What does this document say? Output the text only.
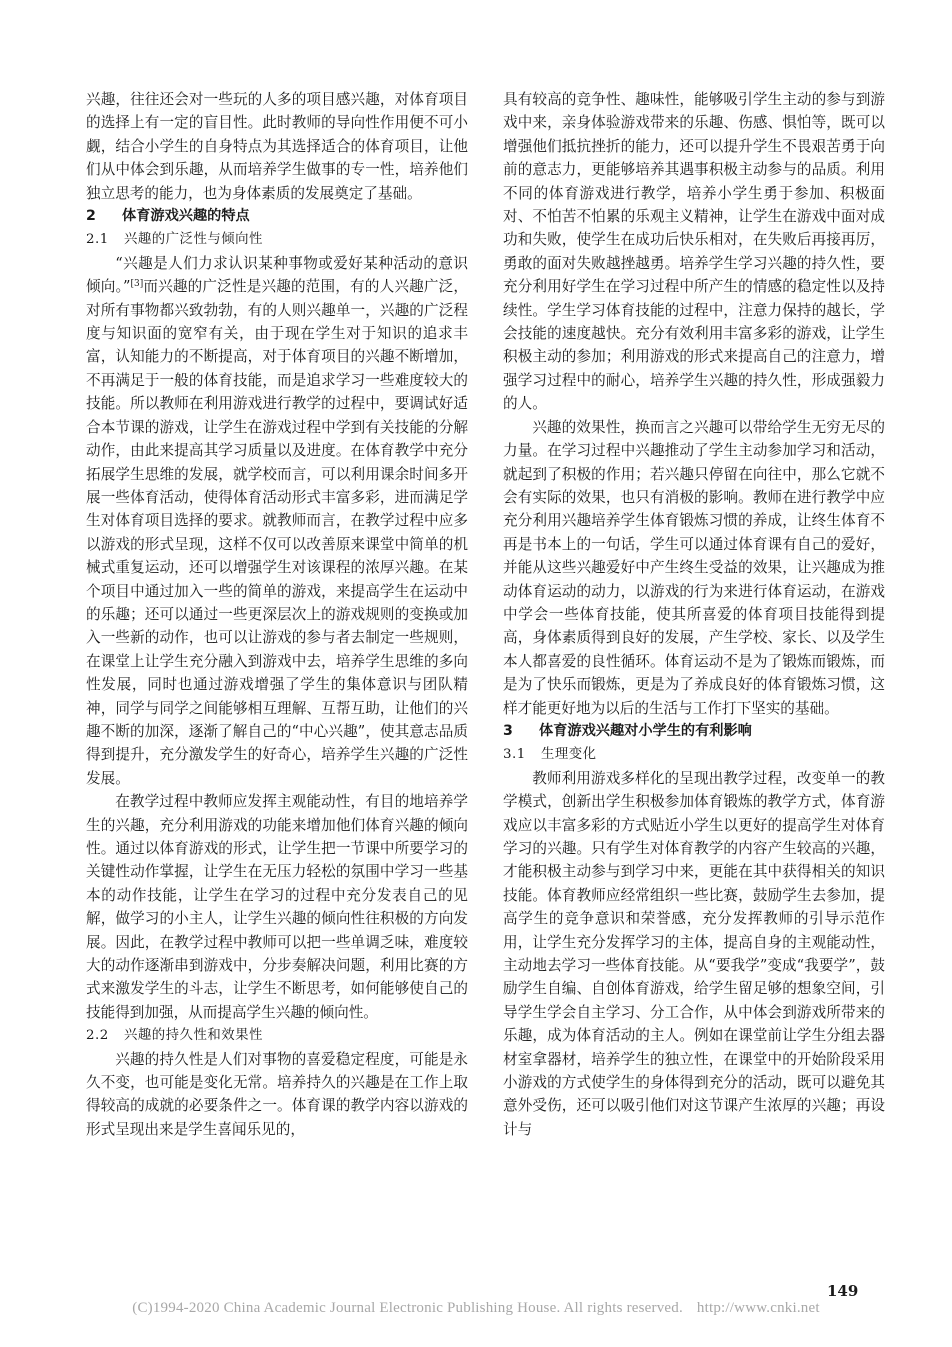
兴趣，往往还会对一些玩的人多的项目感兴趣，对体育项目的选择上有一定的盲目性。此时教师的导向性作用便不可小觑，结合小学生的自身特点为其选择适合的体育项目，让他们从中体会到乐趣，从而培养学生做事的专一性，培养他们独立思考的能力，也为身体素质的发展奠定了基础。

2 体育游戏兴趣的特点
2.1 兴趣的广泛性与倾向性

“兴趣是人们力求认识某种事物或爱好某种活动的意识倾向。”[3]而兴趣的广泛性是兴趣的范围，有的人兴趣广泛，对所有事物都兴致勃勃，有的人则兴趣单一，兴趣的广泛程度与知识面的宽窄有关，由于现在学生对于知识的追求丰富，认知能力的不断提高，对于体育项目的兴趣不断增加，不再满足于一般的体育技能，而是追求学习一些难度较大的技能。所以教师在利用游戏进行教学的过程中，要调试好适合本节课的游戏，让学生在游戏过程中学到有关技能的分解动作，由此来提高其学习质量以及进度。在体育教学中充分拓展学生思维的发展，就学校而言，可以利用课余时间多开展一些体育活动，使得体育活动形式丰富多彩，进而满足学生对体育项目选择的要求。就教师而言，在教学过程中应多以游戏的形式呈现，这样不仅可以改善原来课堂中简单的机械式重复运动，还可以增强学生对该课程的浓厚兴趣。在某个项目中通过加入一些的简单的游戏，来提高学生在运动中的乐趣；还可以通过一些更深层次上的游戏规则的变换或加入一些新的动作，也可以让游戏的参与者去制定一些规则，在课堂上让学生充分融入到游戏中去，培养学生思维的多向性发展，同时也通过游戏增强了学生的集体意识与团队精神，同学与同学之间能够相互理解、互帮互助，让他们的兴趣不断的加深，逐渐了解自己的“中心兴趣”，使其意志品质得到提升，充分激发学生的好奇心，培养学生兴趣的广泛性发展。

在教学过程中教师应发挥主观能动性，有目的地培养学生的兴趣，充分利用游戏的功能来增加他们体育兴趣的倾向性。通过以体育游戏的形式，让学生把一节课中所要学习的关键性动作掌握，让学生在无压力轻松的氛围中学习一些基本的动作技能，让学生在学习的过程中充分发表自己的见解，做学习的小主人，让学生兴趣的倾向性往积极的方向发展。因此，在教学过程中教师可以把一些单调乏味，难度较大的动作逐渐串到游戏中，分步奏解决问题，利用比赛的方式来激发学生的斗志，让学生不断思考，如何能够使自己的技能得到加强，从而提高学生兴趣的倾向性。

2.2 兴趣的持久性和效果性

兴趣的持久性是人们对事物的喜爱稳定程度，可能是永久不变，也可能是变化无常。培养持久的兴趣是在工作上取得较高的成就的必要条件之一。体育课的教学内容以游戏的形式呈现出来是学生喜闻乐见的，

具有较高的竞争性、趣味性，能够吸引学生主动的参与到游戏中来，亲身体验游戏带来的乐趣、伤感、惧怕等，既可以增强他们抵抗挫折的能力，还可以提升学生不畏艰苦勇于向前的意志力，更能够培养其遇事积极主动参与的品质。利用不同的体育游戏进行教学，培养小学生勇于参加、积极面对、不怕苦不怕累的乐观主义精神，让学生在游戏中面对成功和失败，使学生在成功后快乐相对，在失败后再接再厉，勇敢的面对失败越挫越勇。培养学生学习兴趣的持久性，要充分利用好学生在学习过程中所产生的情感的稳定性以及持续性。学生学习体育技能的过程中，注意力保持的越长，学会技能的速度越快。充分有效利用丰富多彩的游戏，让学生积极主动的参加；利用游戏的形式来提高自己的注意力，增强学习过程中的耐心，培养学生兴趣的持久性，形成强毅力的人。

兴趣的效果性，换而言之兴趣可以带给学生无穷无尽的力量。在学习过程中兴趣推动了学生主动参加学习和活动，就起到了积极的作用；若兴趣只停留在向往中，那么它就不会有实际的效果，也只有消极的影响。教师在进行教学中应充分利用兴趣培养学生体育锻炼习惯的养成，让终生体育不再是书本上的一句话，学生可以通过体育课有自己的爱好，并能从这些兴趣爱好中产生终生受益的效果，让兴趣成为推动体育运动的动力，以游戏的行为来进行体育运动，在游戏中学会一些体育技能，使其所喜爱的体育项目技能得到提高，身体素质得到良好的发展，产生学校、家长、以及学生本人都喜爱的良性循环。体育运动不是为了锻炼而锻炼，而是为了快乐而锻炼，更是为了养成良好的体育锻炼习惯，这样才能更好地为以后的生活与工作打下坚实的基础。

3 体育游戏兴趣对小学生的有利影响
3.1 生理变化

教师利用游戏多样化的呈现出教学过程，改变单一的教学模式，创新出学生积极参加体育锻炼的教学方式，体育游戏应以丰富多彩的方式贴近小学生以更好的提高学生对体育学习的兴趣。只有学生对体育教学的内容产生较高的兴趣，才能积极主动参与到学习中来，更能在其中获得相关的知识技能。体育教师应经常组织一些比赛，鼓励学生去参加，提高学生的竞争意识和荣誉感，充分发挥教师的引导示范作用，让学生充分发挥学习的主体，提高自身的主观能动性，主动地去学习一些体育技能。从“要我学”变成“我要学”，鼓励学生自编、自创体育游戏，给学生留足够的想象空间，引导学生学会自主学习、分工合作，从中体会到游戏所带来的乐趣，成为体育活动的主人。例如在课堂前让学生分组去器材室拿器材，培养学生的独立性，在课堂中的开始阶段采用小游戏的方式使学生的身体得到充分的活动，既可以避免其意外受伤，还可以吸引他们对这节课产生浓厚的兴趣；再设计与

149
(C)1994-2020 China Academic Journal Electronic Publishing House. All rights reserved. http://www.cnki.net
